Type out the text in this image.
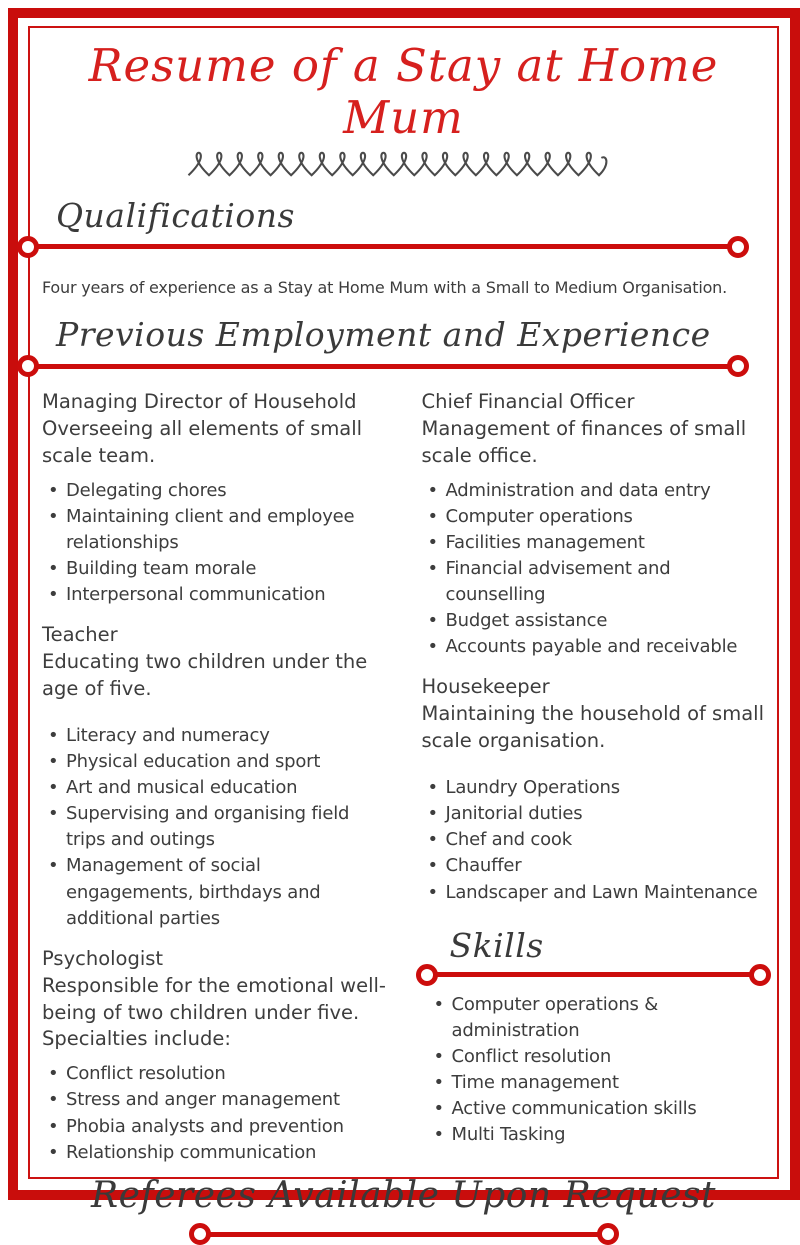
Resume of a Stay at Home Mum
Qualifications
Four years of experience as a Stay at Home Mum with a Small to Medium Organisation.
Previous Employment and Experience
Managing Director of Household
Overseeing all elements of small scale team.
• Delegating chores
• Maintaining client and employee relationships
• Building team morale
• Interpersonal communication
Teacher
Educating two children under the age of five.
• Literacy and numeracy
• Physical education and sport
• Art and musical education
• Supervising and organising field trips and outings
• Management of social engagements, birthdays and additional parties
Psychologist
Responsible for the emotional well-being of two children under five. Specialties include:
• Conflict resolution
• Stress and anger management
• Phobia analysts and prevention
• Relationship communication
Chief Financial Officer
Management of finances of small scale office.
• Administration and data entry
• Computer operations
• Facilities management
• Financial advisement and counselling
• Budget assistance
• Accounts payable and receivable
Housekeeper
Maintaining the household of small scale organisation.
• Laundry Operations
• Janitorial duties
• Chef and cook
• Chauffer
• Landscaper and Lawn Maintenance
Skills
• Computer operations & administration
• Conflict resolution
• Time management
• Active communication skills
• Multi Tasking
Referees Available Upon Request
